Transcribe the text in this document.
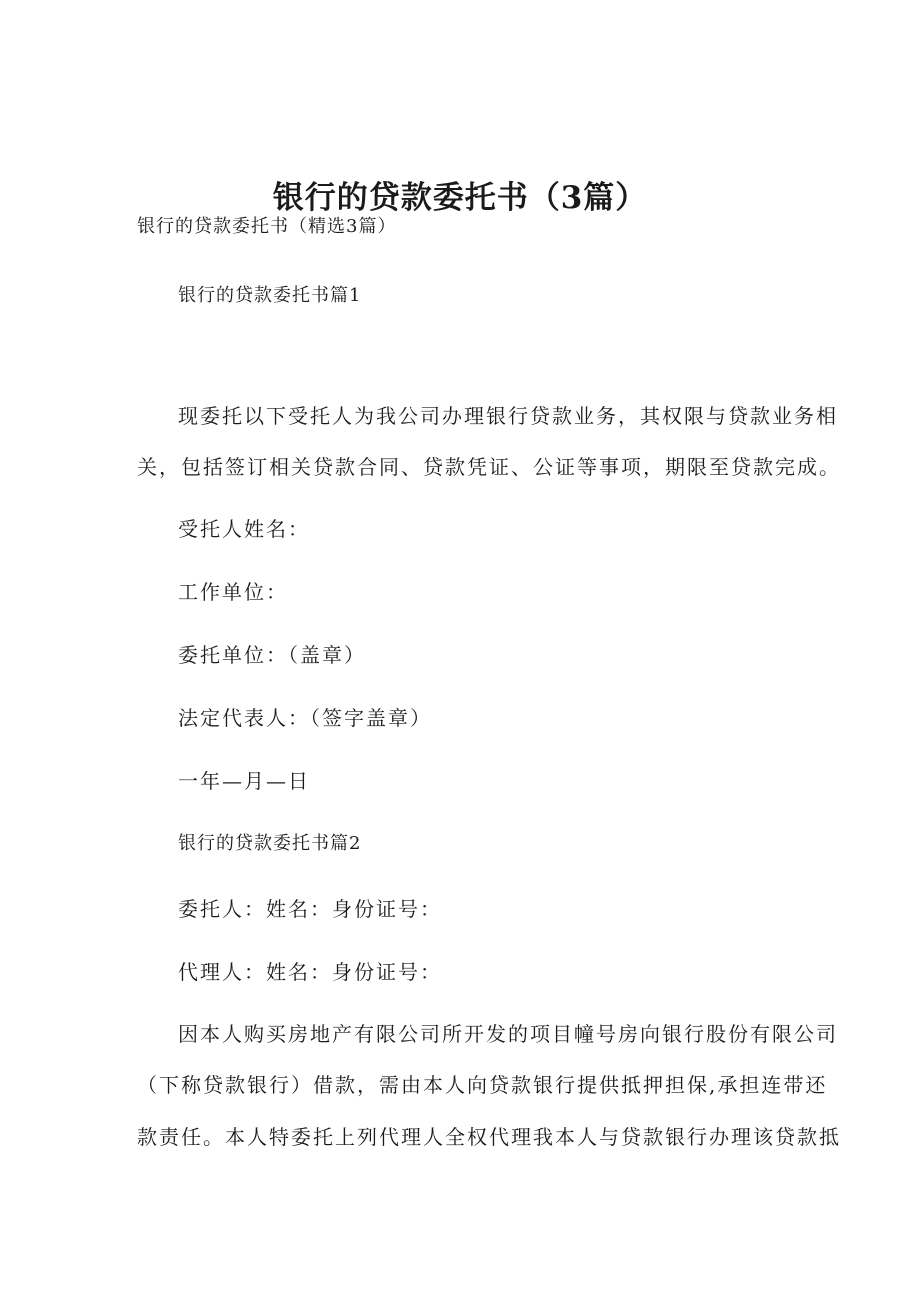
银行的贷款委托书（3篇）
银行的贷款委托书（精选3篇）
银行的贷款委托书篇1
现委托以下受托人为我公司办理银行贷款业务，其权限与贷款业务相
关，包括签订相关贷款合同、贷款凭证、公证等事项，期限至贷款完成。
受托人姓名：
工作单位：
委托单位：（盖章）
法定代表人：（签字盖章）
一年—月—日
银行的贷款委托书篇2
委托人：姓名：身份证号：
代理人：姓名：身份证号：
因本人购买房地产有限公司所开发的项目幢号房向银行股份有限公司
（下称贷款银行）借款，需由本人向贷款银行提供抵押担保,承担连带还
款责任。本人特委托上列代理人全权代理我本人与贷款银行办理该贷款抵
